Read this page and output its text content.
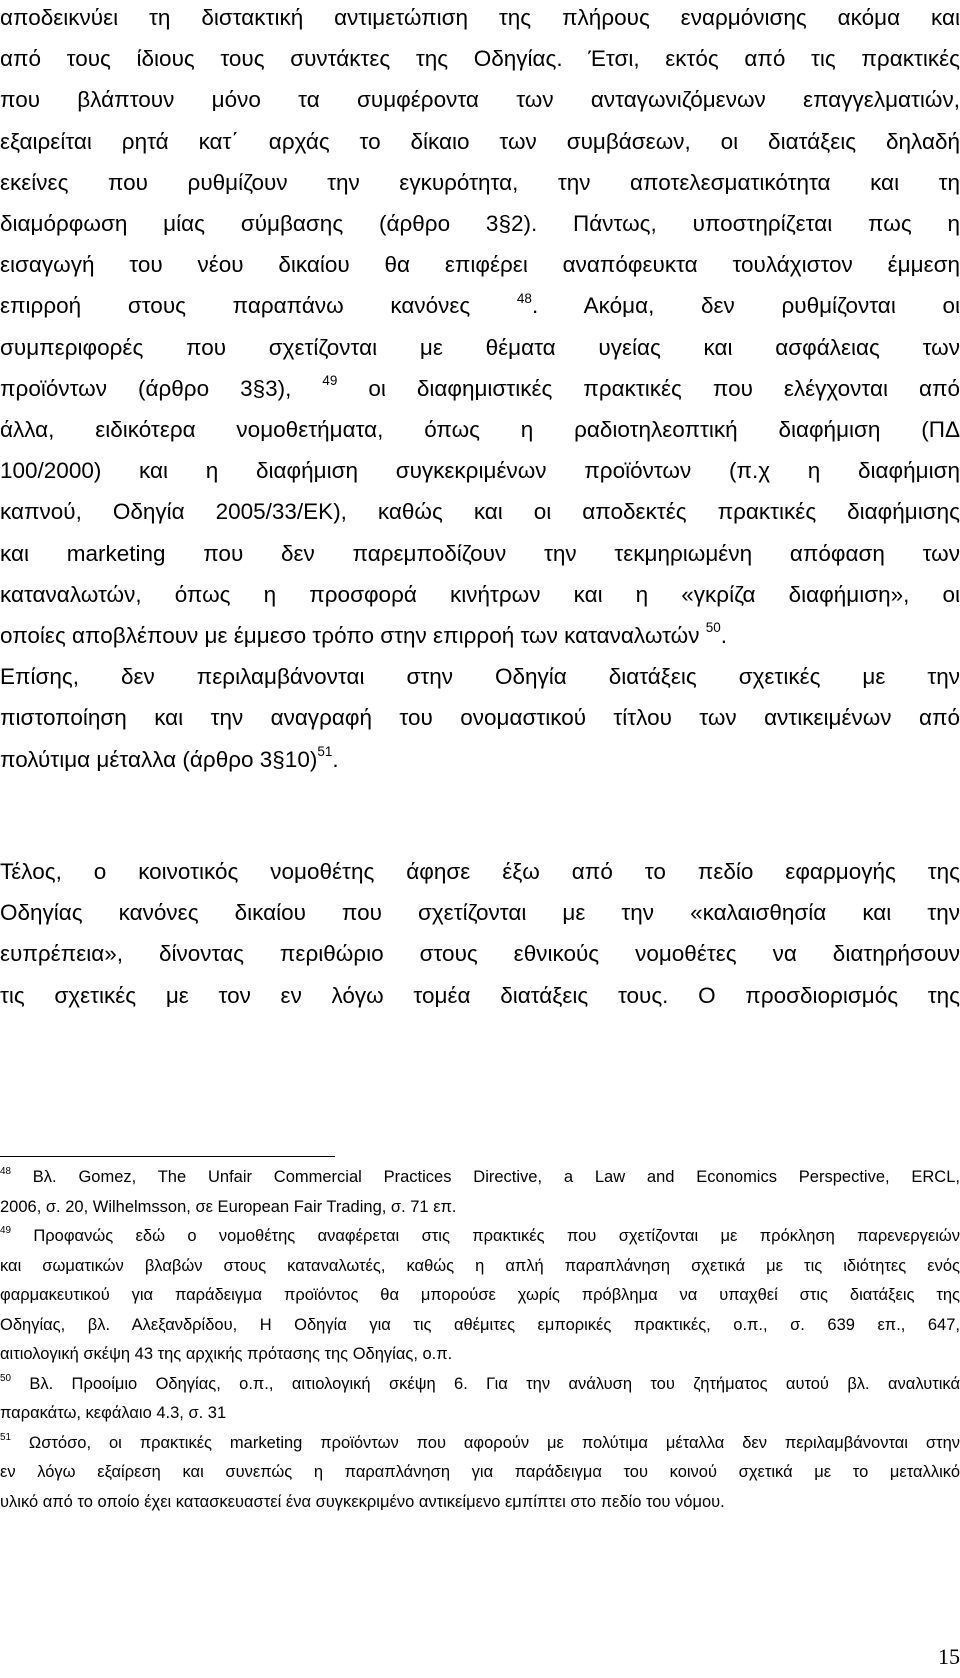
αποδεικνύει τη διστακτική αντιμετώπιση της πλήρους εναρμόνισης ακόμα και

από τους ίδιους τους συντάκτες της Οδηγίας. Έτσι, εκτός από τις πρακτικές

που βλάπτουν μόνο τα συμφέροντα των ανταγωνιζόμενων επαγγελματιών,

εξαιρείται ρητά κατ΄ αρχάς το δίκαιο των συμβάσεων, οι διατάξεις δηλαδή

εκείνες που ρυθμίζουν την εγκυρότητα, την αποτελεσματικότητα και τη

διαμόρφωση μίας σύμβασης (άρθρο 3§2). Πάντως, υποστηρίζεται πως η

εισαγωγή του νέου δικαίου θα επιφέρει αναπόφευκτα τουλάχιστον έμμεση

επιρροή στους παραπάνω κανόνες $^{48}$. Ακόμα, δεν ρυθμίζονται οι

συμπεριφορές που σχετίζονται με θέματα υγείας και ασφάλειας των

προϊόντων (άρθρο 3§3), $^{49}$ οι διαφημιστικές πρακτικές που ελέγχονται από

άλλα, ειδικότερα νομοθετήματα, όπως η ραδιοτηλεοπτική διαφήμιση (ΠΔ

100/2000) και η διαφήμιση συγκεκριμένων προϊόντων (π.χ η διαφήμιση

καπνού, Οδηγία 2005/33/ΕΚ), καθώς και οι αποδεκτές πρακτικές διαφήμισης

και marketing που δεν παρεμποδίζουν την τεκμηριωμένη απόφαση των

καταναλωτών, όπως η προσφορά κινήτρων και η «γκρίζα διαφήμιση», οι

οποίες αποβλέπουν με έμμεσο τρόπο στην επιρροή των καταναλωτών $^{50}$.

Επίσης, δεν περιλαμβάνονται στην Οδηγία διατάξεις σχετικές με την

πιστοποίηση και την αναγραφή του ονομαστικού τίτλου των αντικειμένων από

πολύτιμα μέταλλα (άρθρο 3§10)$^{51}$.

Τέλος, ο κοινοτικός νομοθέτης άφησε έξω από το πεδίο εφαρμογής της

Οδηγίας κανόνες δικαίου που σχετίζονται με την «καλαισθησία και την

ευπρέπεια», δίνοντας περιθώριο στους εθνικούς νομοθέτες να διατηρήσουν

τις σχετικές με τον εν λόγω τομέα διατάξεις τους. Ο προσδιορισμός της

$^{48}$ Βλ. Gomez, The Unfair Commercial Practices Directive, a Law and Economics Perspective, ERCL,

2006, σ. 20, Wilhelmsson, σε European Fair Trading, σ. 71 επ.

$^{49}$ Προφανώς εδώ ο νομοθέτης αναφέρεται στις πρακτικές που σχετίζονται με πρόκληση παρενεργειών

και σωματικών βλαβών στους καταναλωτές, καθώς η απλή παραπλάνηση σχετικά με τις ιδιότητες ενός

φαρμακευτικού για παράδειγμα προϊόντος θα μπορούσε χωρίς πρόβλημα να υπαχθεί στις διατάξεις της

Οδηγίας, βλ. Αλεξανδρίδου, Η Οδηγία για τις αθέμιτες εμπορικές πρακτικές, ο.π., σ. 639 επ., 647,

αιτιολογική σκέψη 43 της αρχικής πρότασης της Οδηγίας, ο.π.

$^{50}$ Βλ. Προοίμιο Οδηγίας, ο.π., αιτιολογική σκέψη 6. Για την ανάλυση του ζητήματος αυτού βλ. αναλυτικά

παρακάτω, κεφάλαιο 4.3, σ. 31

$^{51}$ Ωστόσο, οι πρακτικές marketing προϊόντων που αφορούν με πολύτιμα μέταλλα δεν περιλαμβάνονται στην

εν λόγω εξαίρεση και συνεπώς η παραπλάνηση για παράδειγμα του κοινού σχετικά με το μεταλλικό

υλικό από το οποίο έχει κατασκευαστεί ένα συγκεκριμένο αντικείμενο εμπίπτει στο πεδίο του νόμου.

15
